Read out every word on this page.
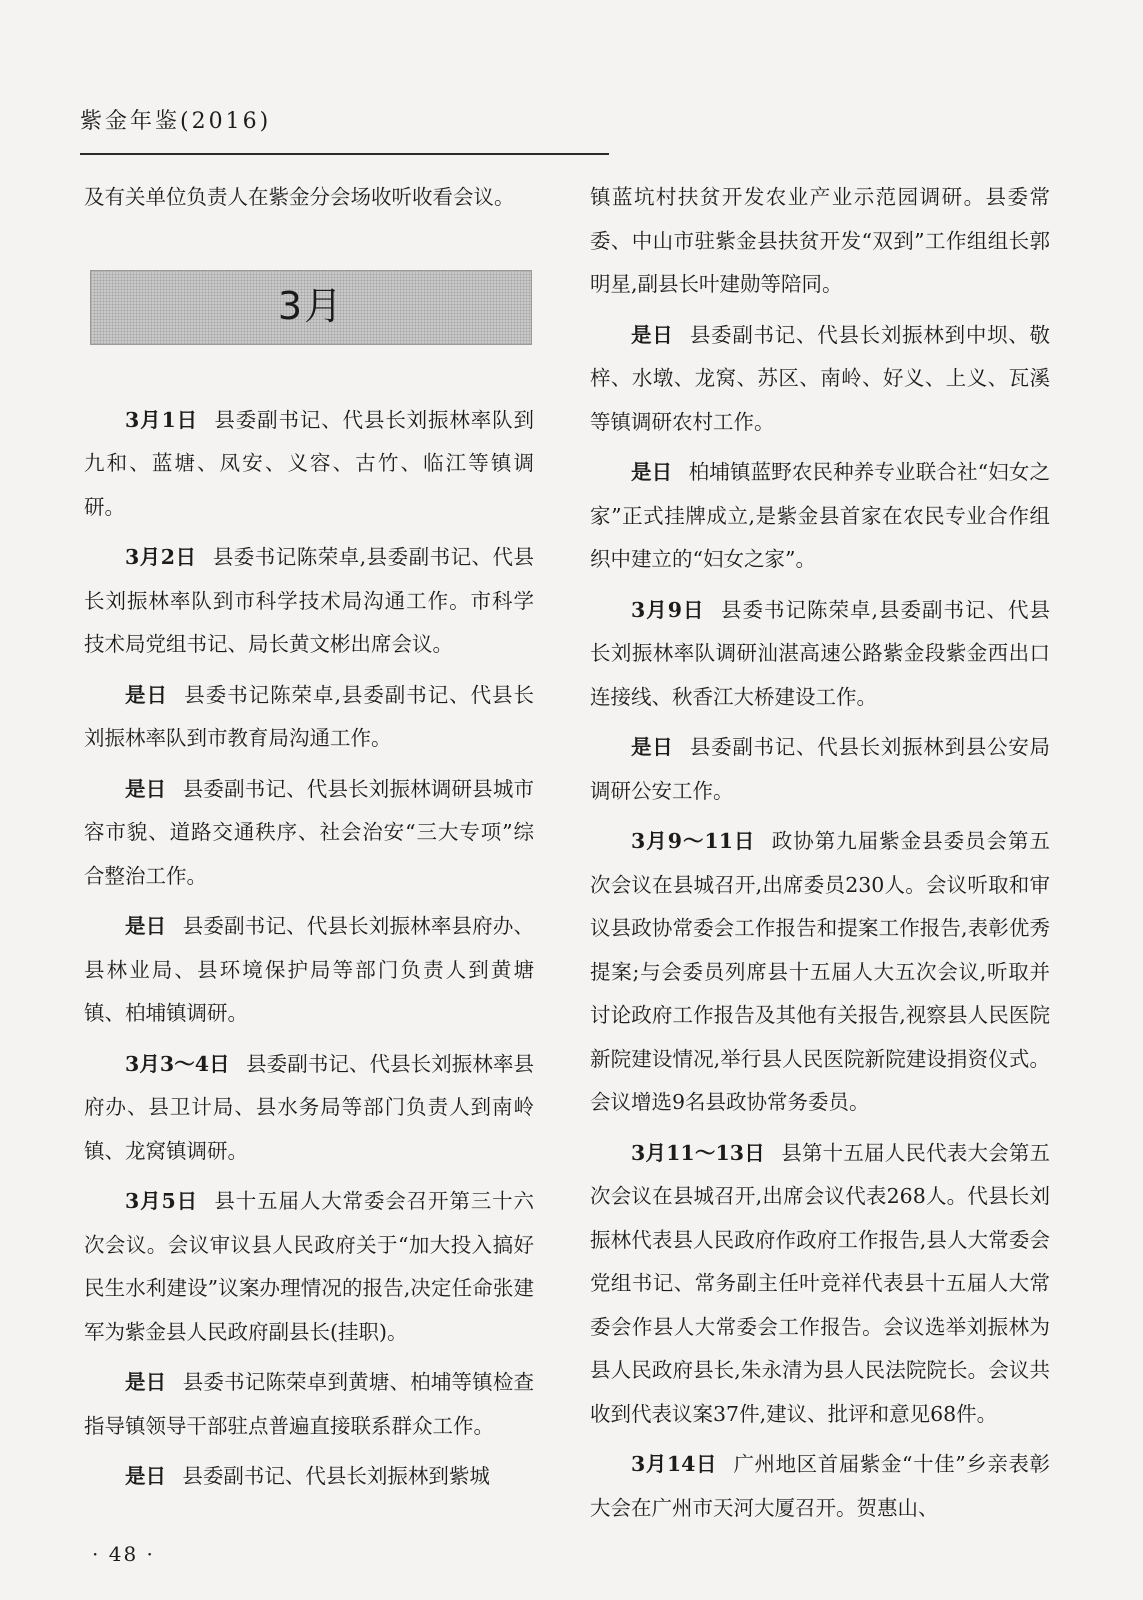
紫金年鉴(2016)
及有关单位负责人在紫金分会场收听收看会议。
3月
3月1日 县委副书记、代县长刘振林率队到九和、蓝塘、凤安、义容、古竹、临江等镇调研。
3月2日 县委书记陈荣卓,县委副书记、代县长刘振林率队到市科学技术局沟通工作。市科学技术局党组书记、局长黄文彬出席会议。
是日 县委书记陈荣卓,县委副书记、代县长刘振林率队到市教育局沟通工作。
是日 县委副书记、代县长刘振林调研县城市容市貌、道路交通秩序、社会治安“三大专项”综合整治工作。
是日 县委副书记、代县长刘振林率县府办、县林业局、县环境保护局等部门负责人到黄塘镇、柏埔镇调研。
3月3～4日 县委副书记、代县长刘振林率县府办、县卫计局、县水务局等部门负责人到南岭镇、龙窝镇调研。
3月5日 县十五届人大常委会召开第三十六次会议。会议审议县人民政府关于“加大投入搞好民生水利建设”议案办理情况的报告,决定任命张建军为紫金县人民政府副县长(挂职)。
是日 县委书记陈荣卓到黄塘、柏埔等镇检查指导镇领导干部驻点普遍直接联系群众工作。
是日 县委副书记、代县长刘振林到紫城
镇蓝坑村扶贫开发农业产业示范园调研。县委常委、中山市驻紫金县扶贫开发“双到”工作组组长郭明星,副县长叶建勋等陪同。
是日 县委副书记、代县长刘振林到中坝、敬梓、水墩、龙窝、苏区、南岭、好义、上义、瓦溪等镇调研农村工作。
是日 柏埔镇蓝野农民种养专业联合社“妇女之家”正式挂牌成立,是紫金县首家在农民专业合作组织中建立的“妇女之家”。
3月9日 县委书记陈荣卓,县委副书记、代县长刘振林率队调研汕湛高速公路紫金段紫金西出口连接线、秋香江大桥建设工作。
是日 县委副书记、代县长刘振林到县公安局调研公安工作。
3月9～11日 政协第九届紫金县委员会第五次会议在县城召开,出席委员230人。会议听取和审议县政协常委会工作报告和提案工作报告,表彰优秀提案;与会委员列席县十五届人大五次会议,听取并讨论政府工作报告及其他有关报告,视察县人民医院新院建设情况,举行县人民医院新院建设捐资仪式。会议增选9名县政协常务委员。
3月11～13日 县第十五届人民代表大会第五次会议在县城召开,出席会议代表268人。代县长刘振林代表县人民政府作政府工作报告,县人大常委会党组书记、常务副主任叶竞祥代表县十五届人大常委会作县人大常委会工作报告。会议选举刘振林为县人民政府县长,朱永清为县人民法院院长。会议共收到代表议案37件,建议、批评和意见68件。
3月14日 广州地区首届紫金“十佳”乡亲表彰大会在广州市天河大厦召开。贺惠山、
· 48 ·
